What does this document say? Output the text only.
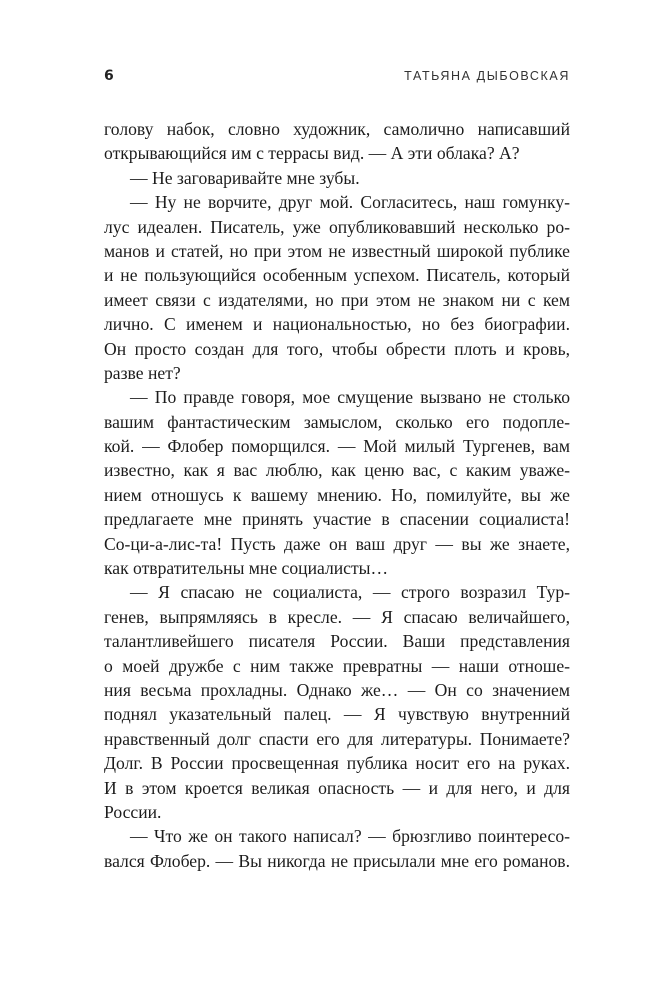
6	ТАТЬЯНА ДЫБОВСКАЯ
голову набок, словно художник, самолично написавший
открывающийся им с террасы вид. — А эти облака? А?
— Не заговаривайте мне зубы.
— Ну не ворчите, друг мой. Согласитесь, наш гомунку-
лус идеален. Писатель, уже опубликовавший несколько ро-
манов и статей, но при этом не известный широкой публике
и не пользующийся особенным успехом. Писатель, который
имеет связи с издателями, но при этом не знаком ни с кем
лично. С именем и национальностью, но без биографии.
Он просто создан для того, чтобы обрести плоть и кровь,
разве нет?
— По правде говоря, мое смущение вызвано не столько
вашим фантастическим замыслом, сколько его подопле-
кой. — Флобер поморщился. — Мой милый Тургенев, вам
известно, как я вас люблю, как ценю вас, с каким уваже-
нием отношусь к вашему мнению. Но, помилуйте, вы же
предлагаете мне принять участие в спасении социалиста!
Со-ци-а-лис-та! Пусть даже он ваш друг — вы же знаете,
как отвратительны мне социалисты…
— Я спасаю не социалиста, — строго возразил Тур-
генев, выпрямляясь в кресле. — Я спасаю величайшего,
талантливейшего писателя России. Ваши представления
о моей дружбе с ним также превратны — наши отноше-
ния весьма прохладны. Однако же… — Он со значением
поднял указательный палец. — Я чувствую внутренний
нравственный долг спасти его для литературы. Понимаете?
Долг. В России просвещенная публика носит его на руках.
И в этом кроется великая опасность — и для него, и для
России.
— Что же он такого написал? — брюзгливо поинтересо-
вался Флобер. — Вы никогда не присылали мне его романов.
